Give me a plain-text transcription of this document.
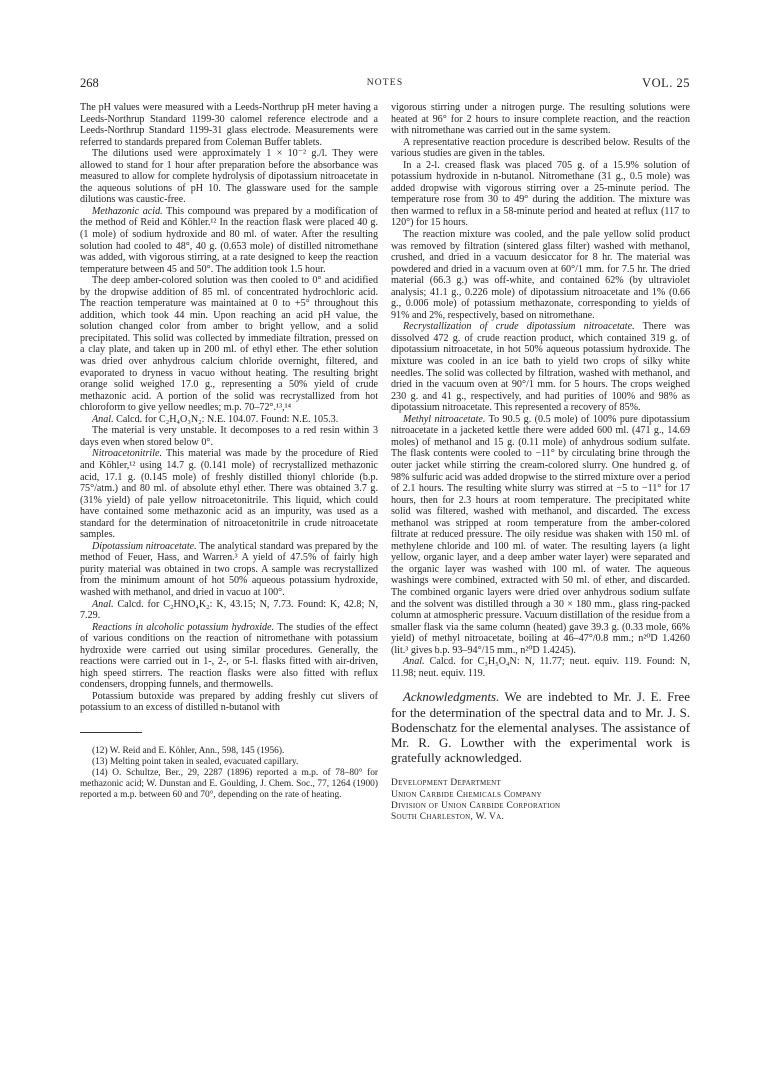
268	NOTES	VOL. 25

The pH values were measured with a Leeds-Northrup pH meter having a Leeds-Northrup Standard 1199-30 calomel reference electrode and a Leeds-Northrup Standard 1199-31 glass electrode. Measurements were referred to standards prepared from Coleman Buffer tablets.

The dilutions used were approximately 1 × 10⁻² g./l. They were allowed to stand for 1 hour after preparation before the absorbance was measured to allow for complete hydrolysis of dipotassium nitroacetate in the aqueous solutions of pH 10. The glassware used for the sample dilutions was caustic-free.

Methazonic acid. This compound was prepared by a modification of the method of Reid and Köhler.¹² In the reaction flask were placed 40 g. (1 mole) of sodium hydroxide and 80 ml. of water. After the resulting solution had cooled to 48°, 40 g. (0.653 mole) of distilled nitromethane was added, with vigorous stirring, at a rate designed to keep the reaction temperature between 45 and 50°. The addition took 1.5 hour.

The deep amber-colored solution was then cooled to 0° and acidified by the dropwise addition of 85 ml. of concentrated hydrochloric acid. The reaction temperature was maintained at 0 to +5° throughout this addition, which took 44 min. Upon reaching an acid pH value, the solution changed color from amber to bright yellow, and a solid precipitated. This solid was collected by immediate filtration, pressed on a clay plate, and taken up in 200 ml. of ethyl ether. The ether solution was dried over anhydrous calcium chloride overnight, filtered, and evaporated to dryness in vacuo without heating. The resulting bright orange solid weighed 17.0 g., representing a 50% yield of crude methazonic acid. A portion of the solid was recrystallized from hot chloroform to give yellow needles; m.p. 70–72°.¹³,¹⁴

Anal. Calcd. for C₂H₄O₃N₂: N.E. 104.07. Found: N.E. 105.3.

The material is very unstable. It decomposes to a red resin within 3 days even when stored below 0°.

Nitroacetonitrile. This material was made by the procedure of Ried and Köhler,¹² using 14.7 g. (0.141 mole) of recrystallized methazonic acid, 17.1 g. (0.145 mole) of freshly distilled thionyl chloride (b.p. 75°/atm.) and 80 ml. of absolute ethyl ether. There was obtained 3.7 g. (31% yield) of pale yellow nitroacetonitrile. This liquid, which could have contained some methazonic acid as an impurity, was used as a standard for the determination of nitroacetonitrile in crude nitroacetate samples.

Dipotassium nitroacetate. The analytical standard was prepared by the method of Feuer, Hass, and Warren.³ A yield of 47.5% of fairly high purity material was obtained in two crops. A sample was recrystallized from the minimum amount of hot 50% aqueous potassium hydroxide, washed with methanol, and dried in vacuo at 100°.

Anal. Calcd. for C₂HNO₄K₂: K, 43.15; N, 7.73. Found: K, 42.8; N, 7.29.

Reactions in alcoholic potassium hydroxide. The studies of the effect of various conditions on the reaction of nitromethane with potassium hydroxide were carried out using similar procedures. Generally, the reactions were carried out in 1-, 2-, or 5-l. flasks fitted with air-driven, high speed stirrers. The reaction flasks were also fitted with reflux condensers, dropping funnels, and thermowells.

Potassium butoxide was prepared by adding freshly cut slivers of potassium to an excess of distilled n-butanol with

(12) W. Reid and E. Köhler, Ann., 598, 145 (1956).

(13) Melting point taken in sealed, evacuated capillary.

(14) O. Schultze, Ber., 29, 2287 (1896) reported a m.p. of 78–80° for methazonic acid; W. Dunstan and E. Goulding, J. Chem. Soc., 77, 1264 (1900) reported a m.p. between 60 and 70°, depending on the rate of heating.

vigorous stirring under a nitrogen purge. The resulting solutions were heated at 96° for 2 hours to insure complete reaction, and the reaction with nitromethane was carried out in the same system.

A representative reaction procedure is described below. Results of the various studies are given in the tables.

In a 2-l. creased flask was placed 705 g. of a 15.9% solution of potassium hydroxide in n-butanol. Nitromethane (31 g., 0.5 mole) was added dropwise with vigorous stirring over a 25-minute period. The temperature rose from 30 to 49° during the addition. The mixture was then warmed to reflux in a 58-minute period and heated at reflux (117 to 120°) for 15 hours.

The reaction mixture was cooled, and the pale yellow solid product was removed by filtration (sintered glass filter) washed with methanol, crushed, and dried in a vacuum desiccator for 8 hr. The material was powdered and dried in a vacuum oven at 60°/1 mm. for 7.5 hr. The dried material (66.3 g.) was off-white, and contained 62% (by ultraviolet analysis; 41.1 g., 0.226 mole) of dipotassium nitroacetate and 1% (0.66 g., 0.006 mole) of potassium methazonate, corresponding to yields of 91% and 2%, respectively, based on nitromethane.

Recrystallization of crude dipotassium nitroacetate. There was dissolved 472 g. of crude reaction product, which contained 319 g. of dipotassium nitroacetate, in hot 50% aqueous potassium hydroxide. The mixture was cooled in an ice bath to yield two crops of silky white needles. The solid was collected by filtration, washed with methanol, and dried in the vacuum oven at 90°/1 mm. for 5 hours. The crops weighed 230 g. and 41 g., respectively, and had purities of 100% and 98% as dipotassium nitroacetate. This represented a recovery of 85%.

Methyl nitroacetate. To 90.5 g. (0.5 mole) of 100% pure dipotassium nitroacetate in a jacketed kettle there were added 600 ml. (471 g., 14.69 moles) of methanol and 15 g. (0.11 mole) of anhydrous sodium sulfate. The flask contents were cooled to −11° by circulating brine through the outer jacket while stirring the cream-colored slurry. One hundred g. of 98% sulfuric acid was added dropwise to the stirred mixture over a period of 2.1 hours. The resulting white slurry was stirred at −5 to −11° for 17 hours, then for 2.3 hours at room temperature. The precipitated white solid was filtered, washed with methanol, and discarded. The excess methanol was stripped at room temperature from the amber-colored filtrate at reduced pressure. The oily residue was shaken with 150 ml. of methylene chloride and 100 ml. of water. The resulting layers (a light yellow, organic layer, and a deep amber water layer) were separated and the organic layer was washed with 100 ml. of water. The aqueous washings were combined, extracted with 50 ml. of ether, and discarded. The combined organic layers were dried over anhydrous sodium sulfate and the solvent was distilled through a 30 × 180 mm., glass ring-packed column at atmospheric pressure. Vacuum distillation of the residue from a smaller flask via the same column (heated) gave 39.3 g. (0.33 mole, 66% yield) of methyl nitroacetate, boiling at 46–47°/0.8 mm.; n²⁰D 1.4260 (lit.³ gives b.p. 93–94°/15 mm., n²⁰D 1.4245).

Anal. Calcd. for C₃H₅O₄N: N, 11.77; neut. equiv. 119. Found: N, 11.98; neut. equiv. 119.

Acknowledgments. We are indebted to Mr. J. E. Free for the determination of the spectral data and to Mr. J. S. Bodenschatz for the elemental analyses. The assistance of Mr. R. G. Lowther with the experimental work is gratefully acknowledged.

Development Department
Union Carbide Chemicals Company
Division of Union Carbide Corporation
South Charleston, W. Va.
